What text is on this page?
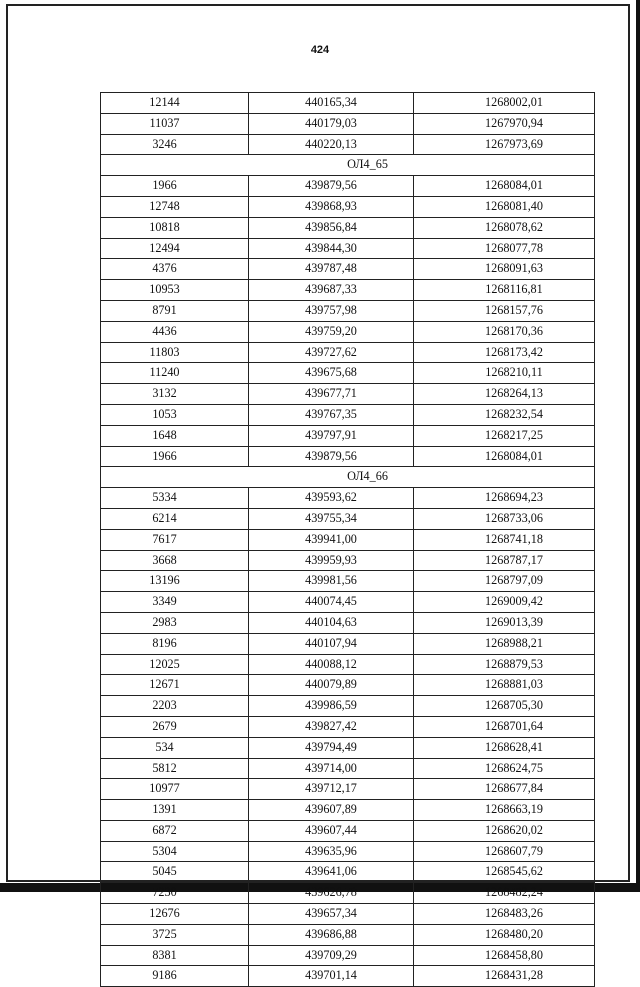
424
12144	440165,34	1268002,01
11037	440179,03	1267970,94
3246	440220,13	1267973,69
ОЛ4_65		
1966	439879,56	1268084,01
12748	439868,93	1268081,40
10818	439856,84	1268078,62
12494	439844,30	1268077,78
4376	439787,48	1268091,63
10953	439687,33	1268116,81
8791	439757,98	1268157,76
4436	439759,20	1268170,36
11803	439727,62	1268173,42
11240	439675,68	1268210,11
3132	439677,71	1268264,13
1053	439767,35	1268232,54
1648	439797,91	1268217,25
1966	439879,56	1268084,01
ОЛ4_66		
5334	439593,62	1268694,23
6214	439755,34	1268733,06
7617	439941,00	1268741,18
3668	439959,93	1268787,17
13196	439981,56	1268797,09
3349	440074,45	1269009,42
2983	440104,63	1269013,39
8196	440107,94	1268988,21
12025	440088,12	1268879,53
12671	440079,89	1268881,03
2203	439986,59	1268705,30
2679	439827,42	1268701,64
534	439794,49	1268628,41
5812	439714,00	1268624,75
10977	439712,17	1268677,84
1391	439607,89	1268663,19
6872	439607,44	1268620,02
5304	439635,96	1268607,79
5045	439641,06	1268545,62
7230	439626,78	1268482,24
12676	439657,34	1268483,26
3725	439686,88	1268480,20
8381	439709,29	1268458,80
9186	439701,14	1268431,28
